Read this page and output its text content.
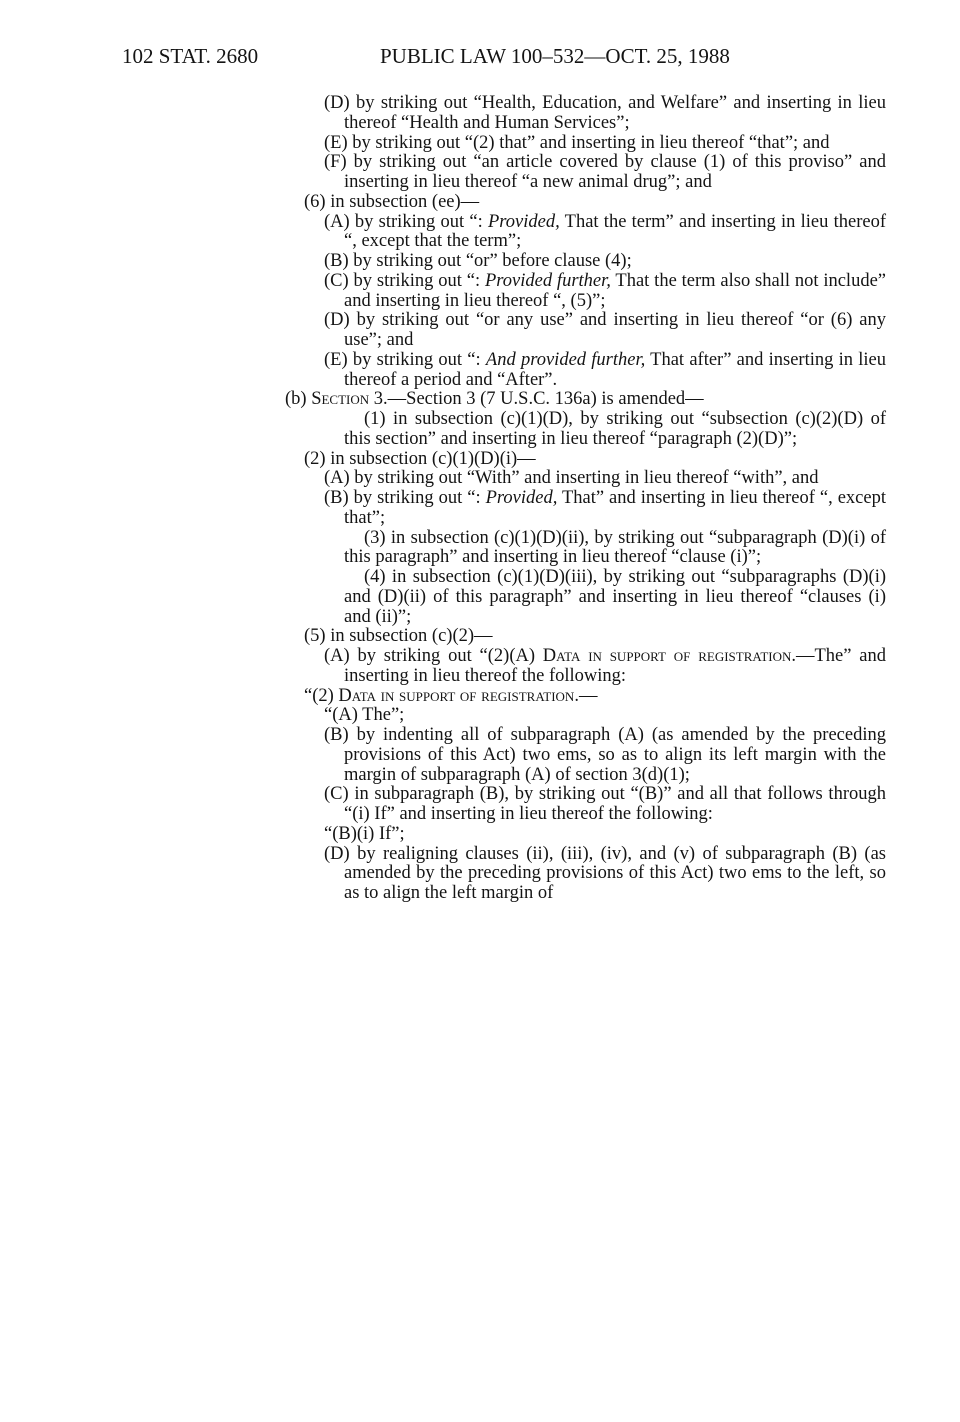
102 STAT. 2680	PUBLIC LAW 100–532—OCT. 25, 1988

(D) by striking out “Health, Education, and Welfare” and inserting in lieu thereof “Health and Human Services”;

(E) by striking out “(2) that” and inserting in lieu thereof “that”; and

(F) by striking out “an article covered by clause (1) of this proviso” and inserting in lieu thereof “a new animal drug”; and

(6) in subsection (ee)—

(A) by striking out “: Provided, That the term” and inserting in lieu thereof “, except that the term”;

(B) by striking out “or” before clause (4);

(C) by striking out “: Provided further, That the term also shall not include” and inserting in lieu thereof “, (5)”;

(D) by striking out “or any use” and inserting in lieu thereof “or (6) any use”; and

(E) by striking out “: And provided further, That after” and inserting in lieu thereof a period and “After”.

(b) Section 3.—Section 3 (7 U.S.C. 136a) is amended—

(1) in subsection (c)(1)(D), by striking out “subsection (c)(2)(D) of this section” and inserting in lieu thereof “paragraph (2)(D)”;

(2) in subsection (c)(1)(D)(i)—

(A) by striking out “With” and inserting in lieu thereof “with”, and

(B) by striking out “: Provided, That” and inserting in lieu thereof “, except that”;

(3) in subsection (c)(1)(D)(ii), by striking out “subparagraph (D)(i) of this paragraph” and inserting in lieu thereof “clause (i)”;

(4) in subsection (c)(1)(D)(iii), by striking out “subparagraphs (D)(i) and (D)(ii) of this paragraph” and inserting in lieu thereof “clauses (i) and (ii)”;

(5) in subsection (c)(2)—

(A) by striking out “(2)(A) Data in support of registration.—The” and inserting in lieu thereof the following:

“(2) Data in support of registration.—

“(A) The”;

(B) by indenting all of subparagraph (A) (as amended by the preceding provisions of this Act) two ems, so as to align its left margin with the margin of subparagraph (A) of section 3(d)(1);

(C) in subparagraph (B), by striking out “(B)” and all that follows through “(i) If” and inserting in lieu thereof the following:

“(B)(i) If”;

(D) by realigning clauses (ii), (iii), (iv), and (v) of subparagraph (B) (as amended by the preceding provisions of this Act) two ems to the left, so as to align the left margin of
